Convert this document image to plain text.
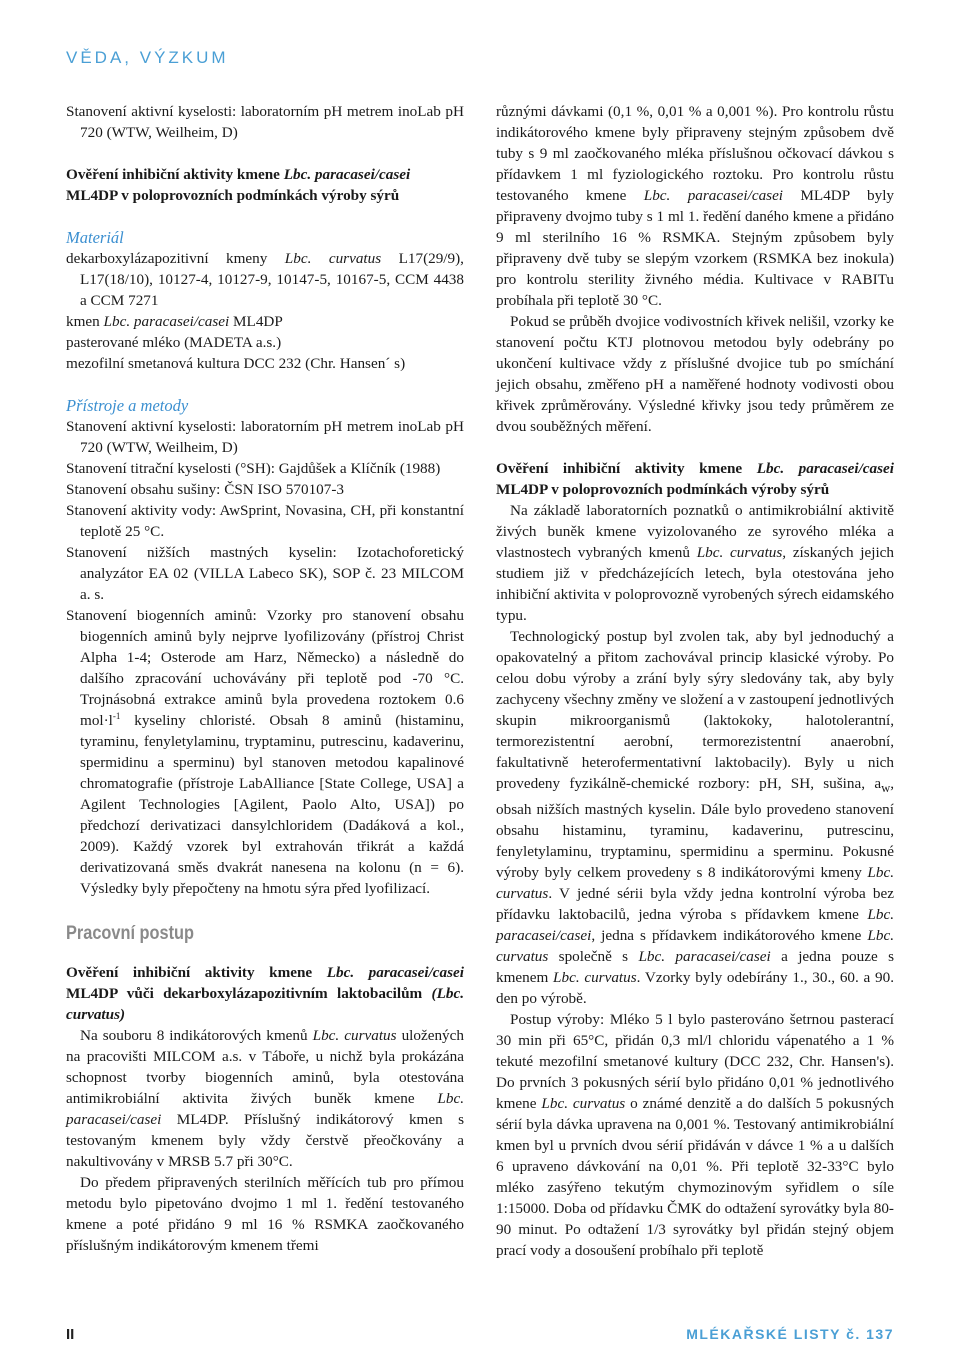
VĚDA, VÝZKUM

Stanovení aktivní kyselosti: laboratorním pH metrem inoLab pH 720 (WTW, Weilheim, D)

Ověření inhibiční aktivity kmene Lbc. paracasei/casei
ML4DP v poloprovozních podmínkách výroby sýrů

Materiál

dekarboxylázapozitivní kmeny Lbc. curvatus L17(29/9), L17(18/10), 10127-4, 10127-9, 10147-5, 10167-5, CCM 4438 a CCM 7271

kmen Lbc. paracasei/casei ML4DP

pasterované mléko (MADETA a.s.)

mezofilní smetanová kultura DCC 232 (Chr. Hansen´ s)

Přístroje a metody

Stanovení aktivní kyselosti: laboratorním pH metrem inoLab pH 720 (WTW, Weilheim, D)

Stanovení titrační kyselosti (°SH): Gajdůšek a Klíčník (1988)

Stanovení obsahu sušiny: ČSN ISO 570107-3

Stanovení aktivity vody: AwSprint, Novasina, CH, při konstantní teplotě 25 °C.

Stanovení nižších mastných kyselin: Izotachoforetický analyzátor EA 02 (VILLA Labeco SK), SOP č. 23 MILCOM a. s.

Stanovení biogenních aminů: Vzorky pro stanovení obsahu biogenních aminů byly nejprve lyofilizovány (přístroj Christ Alpha 1-4; Osterode am Harz, Německo) a následně do dalšího zpracování uchovávány při teplotě pod -70 °C. Trojnásobná extrakce aminů byla provedena roztokem 0.6 $mol\cdot l^{-1}$ kyseliny chloristé. Obsah 8 aminů (histaminu, tyraminu, fenyletylaminu, tryptaminu, putrescinu, kadaverinu, spermidinu a sperminu) byl stanoven metodou kapalinové chromatografie (přístroje LabAlliance [State College, USA] a Agilent Technologies [Agilent, Paolo Alto, USA]) po předchozí derivatizaci dansylchloridem (Dadáková a kol., 2009). Každý vzorek byl extrahován třikrát a každá derivatizovaná směs dvakrát nanesena na kolonu (n = 6). Výsledky byly přepočteny na hmotu sýra před lyofilizací.

Pracovní postup

Ověření inhibiční aktivity kmene Lbc. paracasei/casei ML4DP vůči dekarboxylázapozitivním laktobacilům (Lbc. curvatus)

Na souboru 8 indikátorových kmenů Lbc. curvatus uložených na pracovišti MILCOM a.s. v Táboře, u nichž byla prokázána schopnost tvorby biogenních aminů, byla otestována antimikrobiální aktivita živých buněk kmene Lbc. paracasei/casei ML4DP. Příslušný indikátorový kmen s testovaným kmenem byly vždy čerstvě přeočkovány a nakultivovány v MRSB 5.7 při 30°C.

Do předem připravených sterilních měřících tub pro přímou metodu bylo pipetováno dvojmo 1 ml 1. ředění testovaného kmene a poté přidáno 9 ml 16 % RSMKA zaočkovaného příslušným indikátorovým kmenem třemi

různými dávkami (0,1 %, 0,01 % a 0,001 %). Pro kontrolu růstu indikátorového kmene byly připraveny stejným způsobem dvě tuby s 9 ml zaočkovaného mléka příslušnou očkovací dávkou s přídavkem 1 ml fyziologického roztoku. Pro kontrolu růstu testovaného kmene Lbc. paracasei/casei ML4DP byly připraveny dvojmo tuby s 1 ml 1. ředění daného kmene a přidáno 9 ml sterilního 16 % RSMKA. Stejným způsobem byly připraveny dvě tuby se slepým vzorkem (RSMKA bez inokula) pro kontrolu sterility živného média. Kultivace v RABITu probíhala při teplotě 30 °C.

Pokud se průběh dvojice vodivostních křivek nelišil, vzorky ke stanovení počtu KTJ plotnovou metodou byly odebrány po ukončení kultivace vždy z příslušné dvojice tub po smíchání jejich obsahu, změřeno pH a naměřené hodnoty vodivosti obou křivek zprůměrovány. Výsledné křivky jsou tedy průměrem ze dvou souběžných měření.

Ověření inhibiční aktivity kmene Lbc. paracasei/casei ML4DP v poloprovozních podmínkách výroby sýrů

Na základě laboratorních poznatků o antimikrobiální aktivitě živých buněk kmene vyizolovaného ze syrového mléka a vlastnostech vybraných kmenů Lbc. curvatus, získaných jejich studiem již v předcházejících letech, byla otestována jeho inhibiční aktivita v poloprovozně vyrobených sýrech eidamského typu.

Technologický postup byl zvolen tak, aby byl jednoduchý a opakovatelný a přitom zachovával princip klasické výroby. Po celou dobu výroby a zrání byly sýry sledovány tak, aby byly zachyceny všechny změny ve složení a v zastoupení jednotlivých skupin mikroorganismů (laktokoky, halotolerantní, termorezistentní aerobní, termorezistentní anaerobní, fakultativně heterofermentativní laktobacily). Byly u nich provedeny fyzikálně-chemické rozbory: pH, SH, sušina, $a_w$, obsah nižších mastných kyselin. Dále bylo provedeno stanovení obsahu histaminu, tyraminu, kadaverinu, putrescinu, fenyletylaminu, tryptaminu, spermidinu a sperminu. Pokusné výroby byly celkem provedeny s 8 indikátorovými kmeny Lbc. curvatus. V jedné sérii byla vždy jedna kontrolní výroba bez přídavku laktobacilů, jedna výroba s přídavkem kmene Lbc. paracasei/casei, jedna s přídavkem indikátorového kmene Lbc. curvatus společně s Lbc. paracasei/casei a jedna pouze s kmenem Lbc. curvatus. Vzorky byly odebírány 1., 30., 60. a 90. den po výrobě.

Postup výroby: Mléko 5 l bylo pasterováno šetrnou pasterací 30 min při 65°C, přidán 0,3 ml/l chloridu vápenatého a 1 % tekuté mezofilní smetanové kultury (DCC 232, Chr. Hansen's). Do prvních 3 pokusných sérií bylo přidáno 0,01 % jednotlivého kmene Lbc. curvatus o známé denzitě a do dalších 5 pokusných sérií byla dávka upravena na 0,001 %. Testovaný antimikrobiální kmen byl u prvních dvou sérií přidáván v dávce 1 % a u dalších 6 upraveno dávkování na 0,01 %. Při teplotě 32-33°C bylo mléko zasýřeno tekutým chymozinovým syřidlem o síle 1:15000. Doba od přídavku ČMK do odtažení syrovátky byla 80-90 minut. Po odtažení 1/3 syrovátky byl přidán stejný objem prací vody a dosoušení probíhalo při teplotě

II	MLÉKAŘSKÉ LISTY č. 137
